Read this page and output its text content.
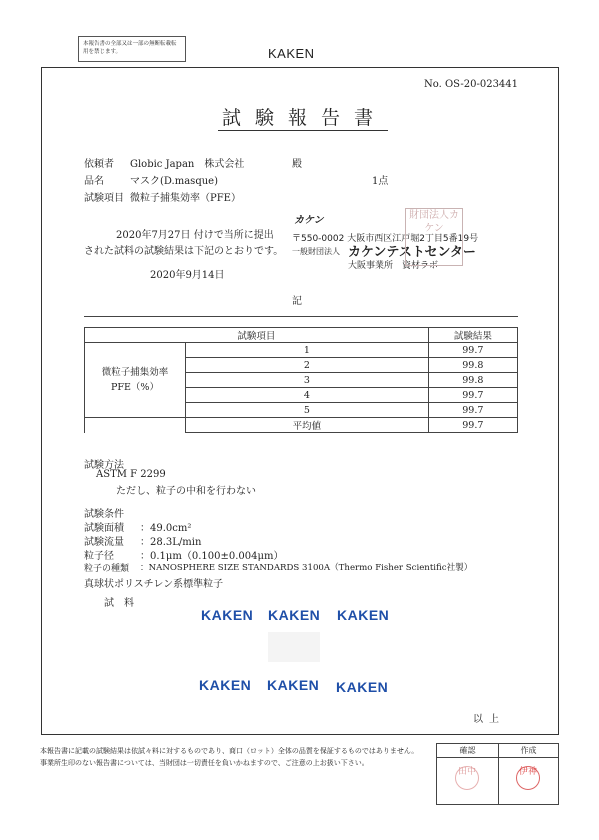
本報告書の全部又は一部の無断転載転用を禁じます。	KAKEN
No. OS-20-023441
試験報告書
依頼者 Globic Japan　株式会社	殿
品名	マスク(D.masque)	1点
試験項目 微粒子捕集効率（PFE）
2020年7月27日 付けで当所に提出
された試料の試験結果は下記のとおりです。
2020年9月14日
カケン
〒550-0002 大阪市西区江戸堀2丁目5番19号
一般財団法人 カケンテストセンター
大阪事業所　資材ラボ
財団法人カケン
記
試験項目		試験結果

微粒子捕集効率
PFE（%）	1	99.7
	2	99.8
	3	99.8
	4	99.7
	5	99.7
	平均値	99.7
試験方法
ASTM F 2299
ただし、粒子の中和を行わない
試験条件
試験面積 ：49.0cm²
試験流量 ：28.3L/min
粒子径	：0.1μm（0.100±0.004μm）
粒子の種類 ：NANOSPHERE SIZE STANDARDS 3100A（Thermo Fisher Scientific社製）
真球状ポリスチレン系標準粒子
試　料
KAKEN KAKEN KAKEN
KAKEN KAKEN KAKEN
以上
本報告書に記載の試験結果は依試々料に対するものであり、商口（ロット）全体の品質を保証するものではありません。
事業所生印のない報告書については、当財団は一切責任を負いかねますので、ご注意の上お扱い下さい。
確認	作成
田中	伊神
